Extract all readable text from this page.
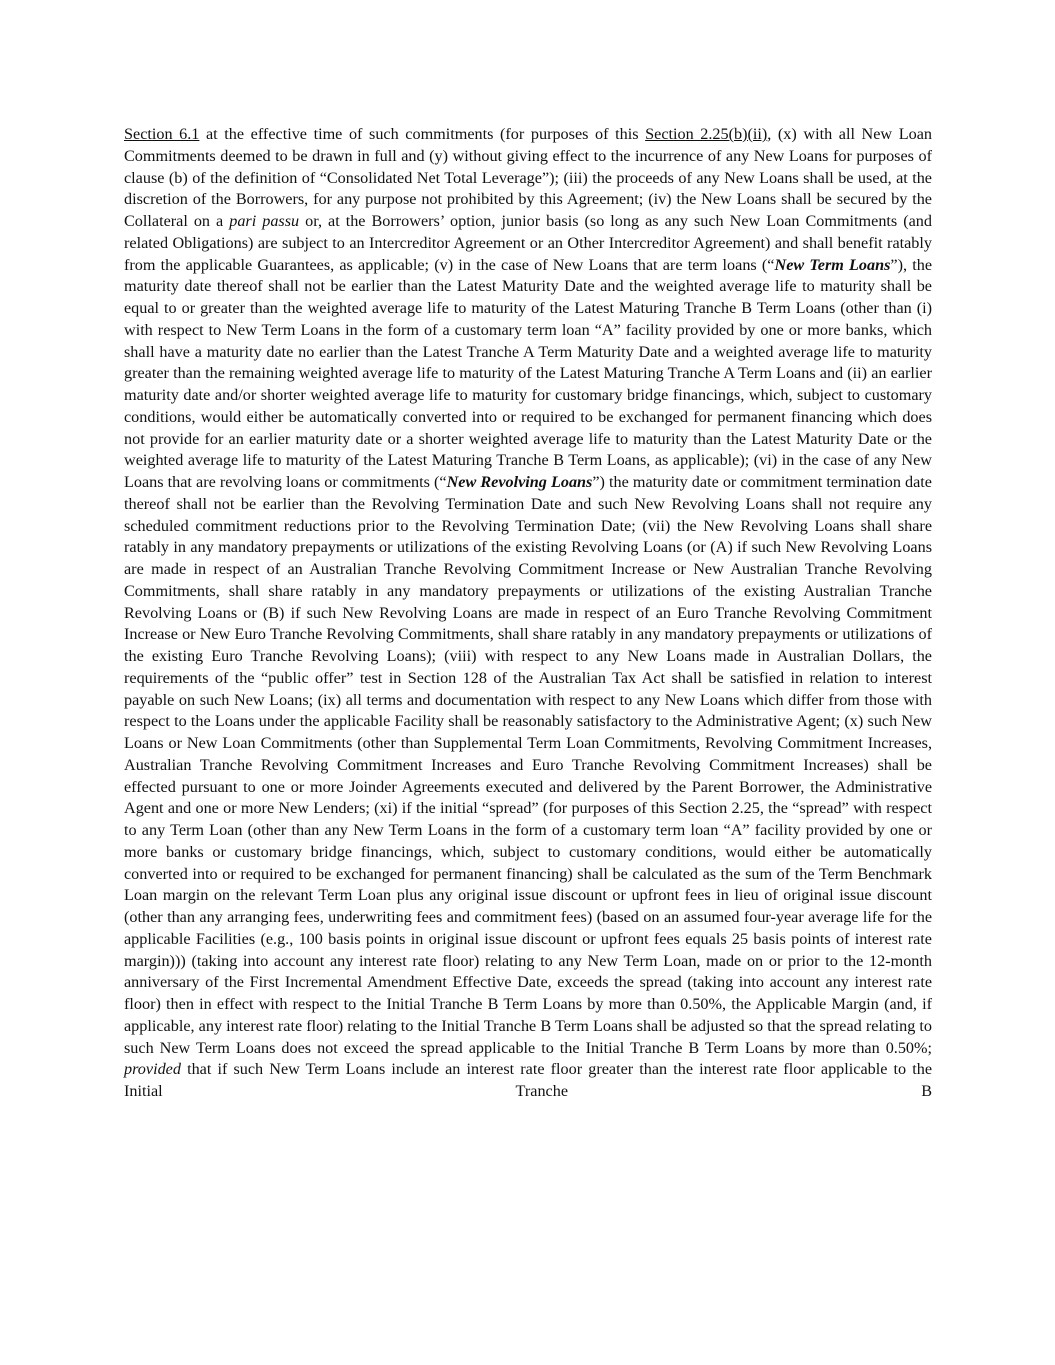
Section 6.1 at the effective time of such commitments (for purposes of this Section 2.25(b)(ii), (x) with all New Loan Commitments deemed to be drawn in full and (y) without giving effect to the incurrence of any New Loans for purposes of clause (b) of the definition of “Consolidated Net Total Leverage”); (iii) the proceeds of any New Loans shall be used, at the discretion of the Borrowers, for any purpose not prohibited by this Agreement; (iv) the New Loans shall be secured by the Collateral on a pari passu or, at the Borrowers’ option, junior basis (so long as any such New Loan Commitments (and related Obligations) are subject to an Intercreditor Agreement or an Other Intercreditor Agreement) and shall benefit ratably from the applicable Guarantees, as applicable; (v) in the case of New Loans that are term loans (“New Term Loans”), the maturity date thereof shall not be earlier than the Latest Maturity Date and the weighted average life to maturity shall be equal to or greater than the weighted average life to maturity of the Latest Maturing Tranche B Term Loans (other than (i) with respect to New Term Loans in the form of a customary term loan “A” facility provided by one or more banks, which shall have a maturity date no earlier than the Latest Tranche A Term Maturity Date and a weighted average life to maturity greater than the remaining weighted average life to maturity of the Latest Maturing Tranche A Term Loans and (ii) an earlier maturity date and/or shorter weighted average life to maturity for customary bridge financings, which, subject to customary conditions, would either be automatically converted into or required to be exchanged for permanent financing which does not provide for an earlier maturity date or a shorter weighted average life to maturity than the Latest Maturity Date or the weighted average life to maturity of the Latest Maturing Tranche B Term Loans, as applicable); (vi) in the case of any New Loans that are revolving loans or commitments (“New Revolving Loans”) the maturity date or commitment termination date thereof shall not be earlier than the Revolving Termination Date and such New Revolving Loans shall not require any scheduled commitment reductions prior to the Revolving Termination Date; (vii) the New Revolving Loans shall share ratably in any mandatory prepayments or utilizations of the existing Revolving Loans (or (A) if such New Revolving Loans are made in respect of an Australian Tranche Revolving Commitment Increase or New Australian Tranche Revolving Commitments, shall share ratably in any mandatory prepayments or utilizations of the existing Australian Tranche Revolving Loans or (B) if such New Revolving Loans are made in respect of an Euro Tranche Revolving Commitment Increase or New Euro Tranche Revolving Commitments, shall share ratably in any mandatory prepayments or utilizations of the existing Euro Tranche Revolving Loans); (viii) with respect to any New Loans made in Australian Dollars, the requirements of the “public offer” test in Section 128 of the Australian Tax Act shall be satisfied in relation to interest payable on such New Loans; (ix) all terms and documentation with respect to any New Loans which differ from those with respect to the Loans under the applicable Facility shall be reasonably satisfactory to the Administrative Agent; (x) such New Loans or New Loan Commitments (other than Supplemental Term Loan Commitments, Revolving Commitment Increases, Australian Tranche Revolving Commitment Increases and Euro Tranche Revolving Commitment Increases) shall be effected pursuant to one or more Joinder Agreements executed and delivered by the Parent Borrower, the Administrative Agent and one or more New Lenders; (xi) if the initial “spread” (for purposes of this Section 2.25, the “spread” with respect to any Term Loan (other than any New Term Loans in the form of a customary term loan “A” facility provided by one or more banks or customary bridge financings, which, subject to customary conditions, would either be automatically converted into or required to be exchanged for permanent financing) shall be calculated as the sum of the Term Benchmark Loan margin on the relevant Term Loan plus any original issue discount or upfront fees in lieu of original issue discount (other than any arranging fees, underwriting fees and commitment fees) (based on an assumed four-year average life for the applicable Facilities (e.g., 100 basis points in original issue discount or upfront fees equals 25 basis points of interest rate margin))) (taking into account any interest rate floor) relating to any New Term Loan, made on or prior to the 12-month anniversary of the First Incremental Amendment Effective Date, exceeds the spread (taking into account any interest rate floor) then in effect with respect to the Initial Tranche B Term Loans by more than 0.50%, the Applicable Margin (and, if applicable, any interest rate floor) relating to the Initial Tranche B Term Loans shall be adjusted so that the spread relating to such New Term Loans does not exceed the spread applicable to the Initial Tranche B Term Loans by more than 0.50%; provided that if such New Term Loans include an interest rate floor greater than the interest rate floor applicable to the Initial Tranche B
